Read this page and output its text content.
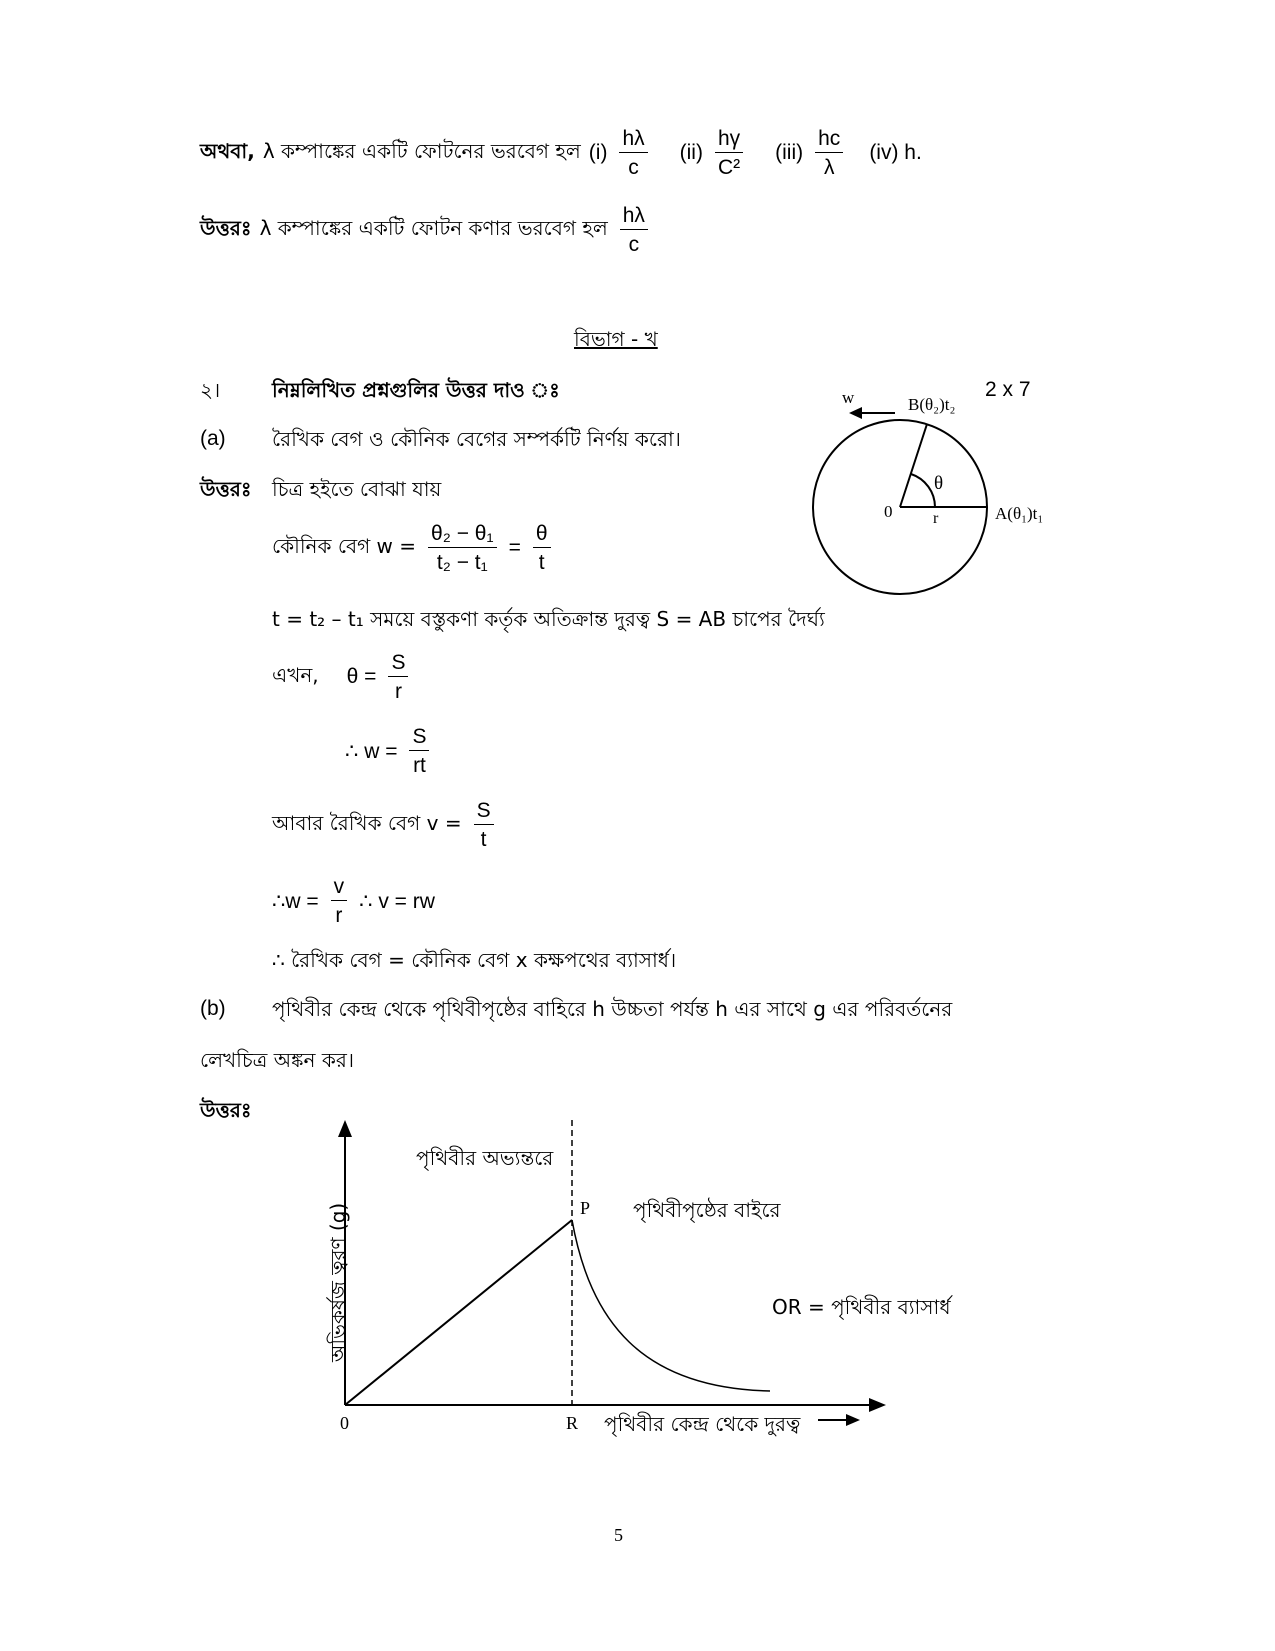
অথবা, λ কম্পাঙ্কের একটি ফোটনের ভরবেগ হল $(i) \frac{h\lambda}{c} (ii) \frac{h\gamma}{\text{C²}} (iii) \frac{hc}{\lambda} (iv)$ h.
উত্তরঃ λ কম্পাঙ্কের একটি ফোটন কণার ভরবেগ হল $\frac{h\lambda}{c}$
বিভাগ - খ
২।	নিম্নলিখিত প্রশ্নগুলির উত্তর দাও ঃ	2 x 7
(a) রৈখিক বেগ ও কৌনিক বেগের সম্পর্কটি নির্ণয় করো।
উত্তরঃ চিত্র হইতে বোঝা যায়
কৌনিক বেগ $w = \frac{\text{θ₂ − θ₁}}{\text{t₂ − t₁}} = \frac{\theta}{t}$
t = t₂ – t₁ সময়ে বস্তুকণা কর্তৃক অতিক্রান্ত দুরত্ব S = AB চাপের দৈর্ঘ্য
এখন, $\theta = \frac{S}{r}$
∴ $w = \frac{S}{rt}$
আবার রৈখিক বেগ $v = \frac{S}{t}$
∴w = $\frac{v}{r}$ ∴ v = rw
∴ রৈখিক বেগ = কৌনিক বেগ x কক্ষপথের ব্যাসার্ধ।
w	B(θ₂)t₂
θ
0	r	A(θ₁)t₁
(b) পৃথিবীর কেন্দ্র থেকে পৃথিবীপৃষ্ঠের বাহিরে h উচ্চতা পর্যন্ত h এর সাথে g এর পরিবর্তনের
লেখচিত্র অঙ্কন কর।
উত্তরঃ
পৃথিবীর অভ্যন্তরে
P পৃথিবীপৃষ্ঠের বাইরে
OR = পৃথিবীর ব্যাসার্ধ
অভিকর্ষজ ত্বরণ (g)
0	R পৃথিবীর কেন্দ্র থেকে দুরত্ব
5
